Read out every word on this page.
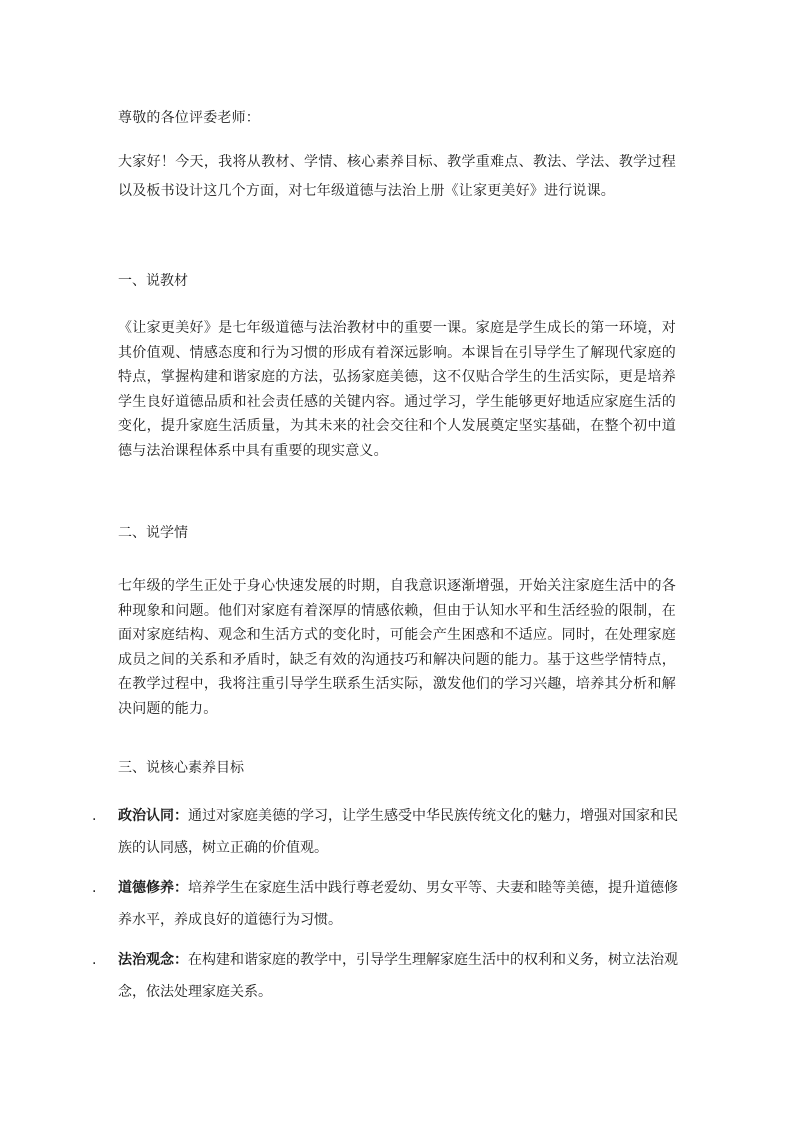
尊敬的各位评委老师：

大家好！今天，我将从教材、学情、核心素养目标、教学重难点、教法、学法、教学过程以及板书设计这几个方面，对七年级道德与法治上册《让家更美好》进行说课。

一、说教材

《让家更美好》是七年级道德与法治教材中的重要一课。家庭是学生成长的第一环境，对其价值观、情感态度和行为习惯的形成有着深远影响。本课旨在引导学生了解现代家庭的特点，掌握构建和谐家庭的方法，弘扬家庭美德，这不仅贴合学生的生活实际，更是培养学生良好道德品质和社会责任感的关键内容。通过学习，学生能够更好地适应家庭生活的变化，提升家庭生活质量，为其未来的社会交往和个人发展奠定坚实基础，在整个初中道德与法治课程体系中具有重要的现实意义。

二、说学情

七年级的学生正处于身心快速发展的时期，自我意识逐渐增强，开始关注家庭生活中的各种现象和问题。他们对家庭有着深厚的情感依赖，但由于认知水平和生活经验的限制，在面对家庭结构、观念和生活方式的变化时，可能会产生困惑和不适应。同时，在处理家庭成员之间的关系和矛盾时，缺乏有效的沟通技巧和解决问题的能力。基于这些学情特点，在教学过程中，我将注重引导学生联系生活实际，激发他们的学习兴趣，培养其分析和解决问题的能力。

三、说核心素养目标
.	政治认同：通过对家庭美德的学习，让学生感受中华民族传统文化的魅力，增强对国家和民族的认同感，树立正确的价值观。
.	道德修养：培养学生在家庭生活中践行尊老爱幼、男女平等、夫妻和睦等美德，提升道德修养水平，养成良好的道德行为习惯。
.	法治观念：在构建和谐家庭的教学中，引导学生理解家庭生活中的权利和义务，树立法治观念，依法处理家庭关系。
